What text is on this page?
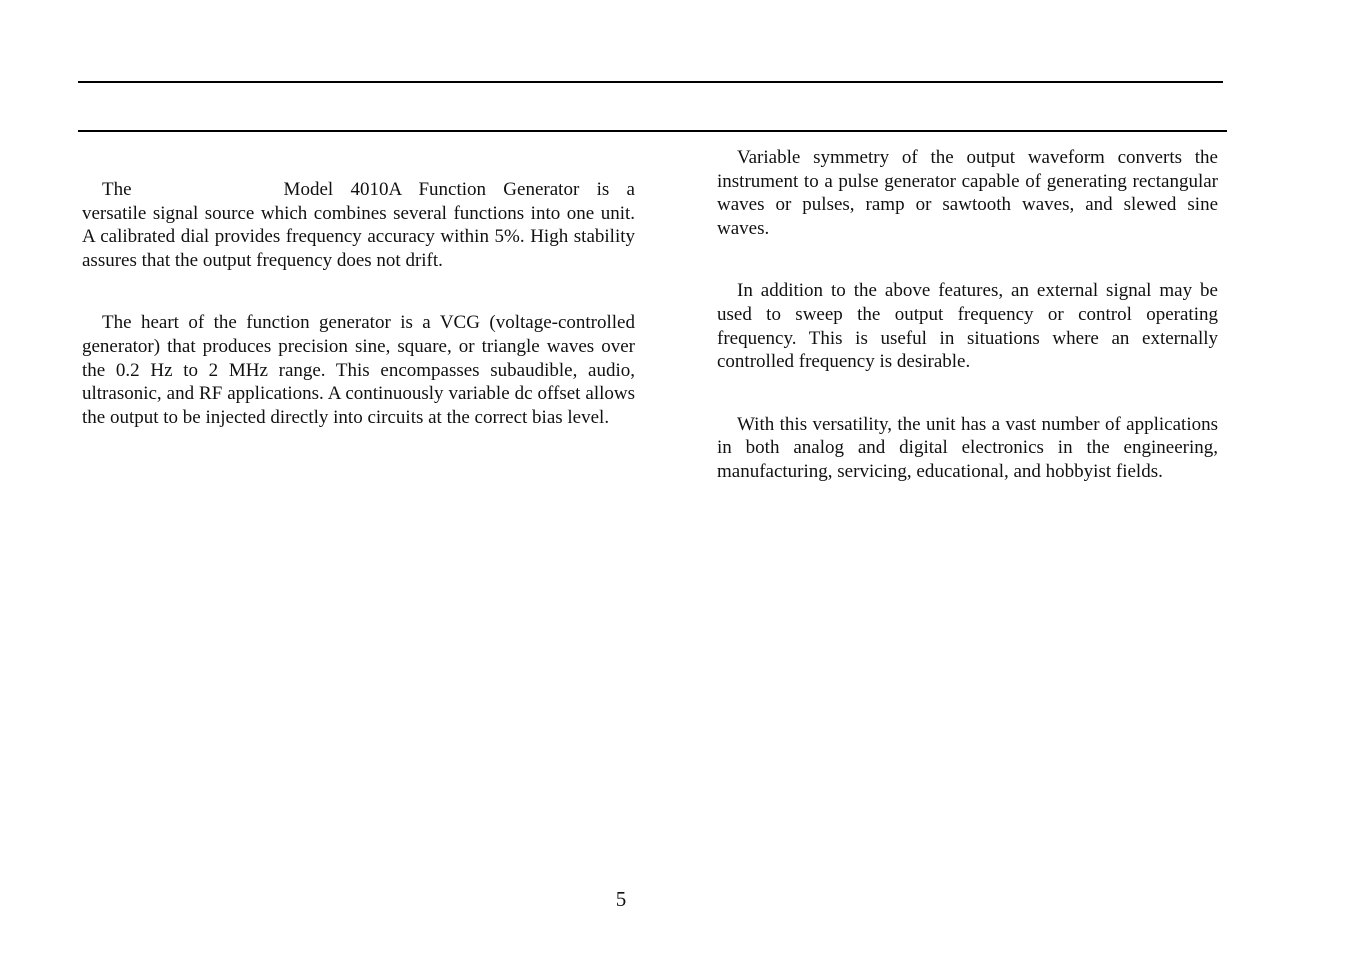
The	Model 4010A Function Generator is a versatile signal source which combines several functions into one unit. A calibrated dial provides frequency accuracy within 5%. High stability assures that the output frequency does not drift.

The heart of the function generator is a VCG (voltage-controlled generator) that produces precision sine, square, or triangle waves over the 0.2 Hz to 2 MHz range. This encompasses subaudible, audio, ultrasonic, and RF applications. A continuously variable dc offset allows the output to be injected directly into circuits at the correct bias level.

Variable symmetry of the output waveform converts the instrument to a pulse generator capable of generating rectangular waves or pulses, ramp or sawtooth waves, and slewed sine waves.

In addition to the above features, an external signal may be used to sweep the output frequency or control operating frequency. This is useful in situations where an externally controlled frequency is desirable.

With this versatility, the unit has a vast number of applications in both analog and digital electronics in the engineering, manufacturing, servicing, educational, and hobbyist fields.

5
